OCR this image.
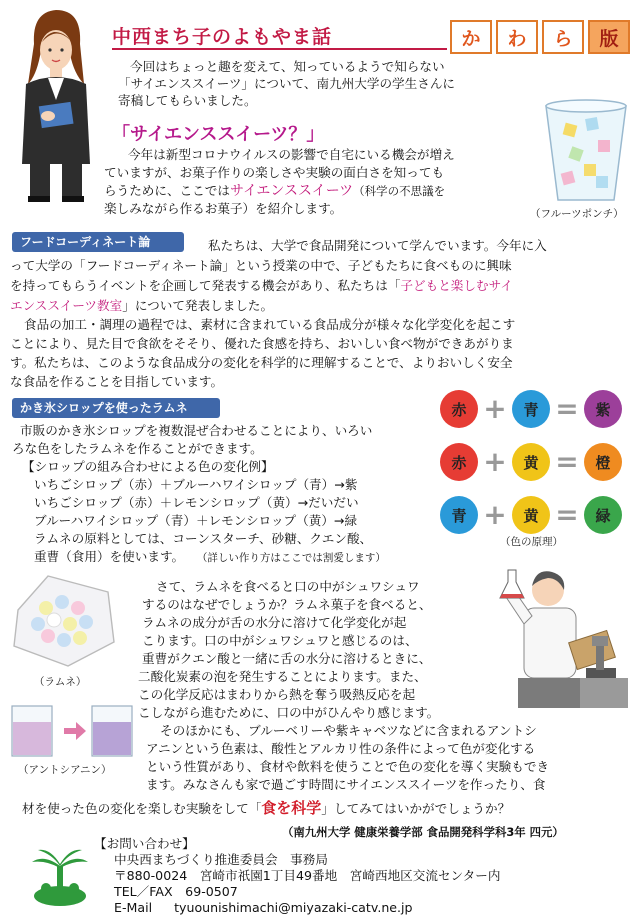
中西まち子のよもやま話	か	わ	ら	版
今回はちょっと趣を変えて、知っているようで知らない
「サイエンススイーツ」について、南九州大学の学生さんに
寄稿してもらいました。
「サイエンススイーツ？」
今年は新型コロナウイルスの影響で自宅にいる機会が増え
ていますが、お菓子作りの楽しさや実験の面白さを知っても
らうために、ここではサイエンススイーツ（科学の不思議を
楽しみながら作るお菓子）を紹介します。	（フルーツポンチ）
フードコーディネート論	私たちは、大学で食品開発について学んでいます。今年に入
って大学の「フードコーディネート論」という授業の中で、子どもたちに食べものに興味
を持ってもらうイベントを企画して発表する機会があり、私たちは「子どもと楽しむサイ
エンススイーツ教室」について発表しました。
食品の加工・調理の過程では、素材に含まれている食品成分が様々な化学変化を起こす
ことにより、見た目で食欲をそそり、優れた食感を持ち、おいしい食べ物ができあがりま
す。私たちは、このような食品成分の変化を科学的に理解することで、よりおいしく安全
な食品を作ることを目指しています。
かき氷シロップを使ったラムネ
市販のかき氷シロップを複数混ぜ合わせることにより、いろい
ろな色をしたラムネを作ることができます。
【シロップの組み合わせによる色の変化例】
いちごシロップ（赤）＋ブルーハワイシロップ（青）→紫
いちごシロップ（赤）＋レモンシロップ（黄）→だいだい
ブルーハワイシロップ（青）＋レモンシロップ（黄）→緑
ラムネの原料としては、コーンスターチ、砂糖、クエン酸、
重曹（食用）を使います。 （詳しい作り方はここでは割愛します）
赤 +	青 =	紫
赤 +	黄 =	橙
青 +	黄 =	緑
（色の原理）
（ラムネ）
（アントシアニン）
さて、ラムネを食べると口の中がシュワシュワ
するのはなぜでしょうか？ラムネ菓子を食べると、
ラムネの成分が舌の水分に溶けて化学変化が起
こります。口の中がシュワシュワと感じるのは、
重曹がクエン酸と一緒に舌の水分に溶けるときに、
二酸化炭素の泡を発生することによります。また、
この化学反応はまわりから熱を奪う吸熱反応を起
こしながら進むために、口の中がひんやり感じます。
そのほかにも、ブルーベリーや紫キャベツなどに含まれるアントシ
アニンという色素は、酸性とアルカリ性の条件によって色が変化する
という性質があり、食材や飲料を使うことで色の変化を導く実験もでき
ます。みなさんも家で過ごす時間にサイエンススイーツを作ったり、食
材を使った色の変化を楽しむ実験をして「食を科学」してみてはいかがでしょうか？
（南九州大学 健康栄養学部 食品開発科学科3年 四元）
【お問い合わせ】
中央西まちづくり推進委員会　事務局
〒880-0024　宮崎市祇園1丁目49番地　宮崎西地区交流センター内
TEL／FAX　69-0507
E-Mail tyuounishimachi@miyazaki‐catv.ne.jp
